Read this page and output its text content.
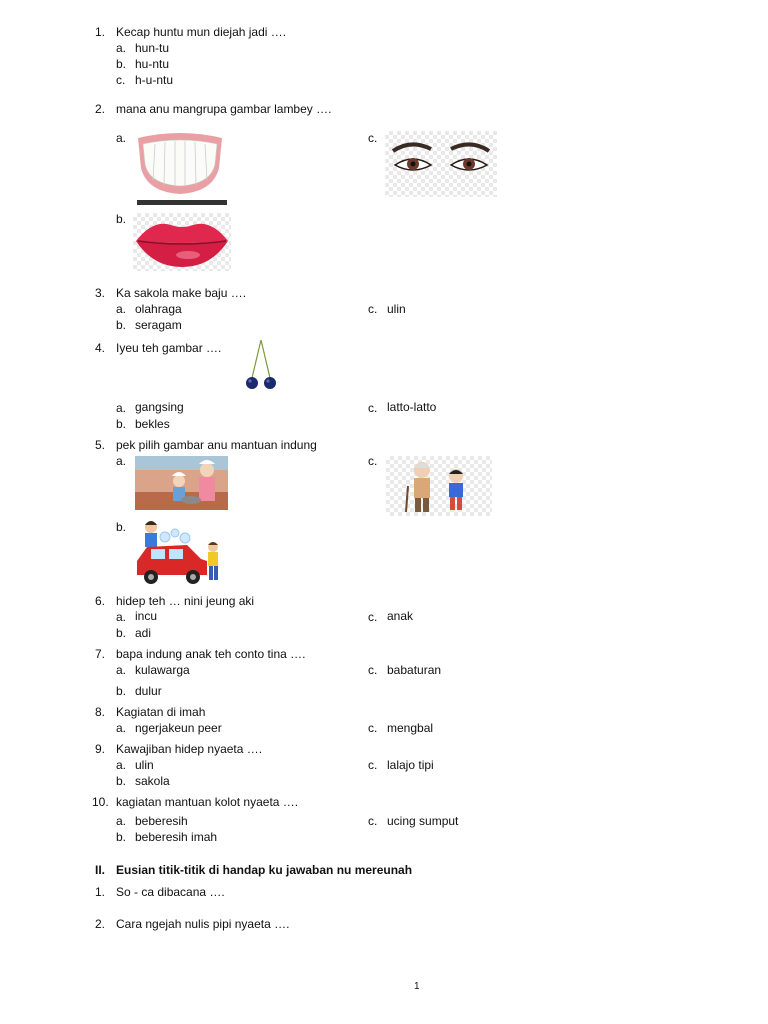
1. Kecap huntu mun diejah jadi ….
a. hun-tu
b. hu-ntu
c. h-u-ntu
2. mana anu mangrupa gambar lambey ….
a.	c.
b.
3. Ka sakola make baju ….
a. olahraga	c. ulin
b. seragam
4. Iyeu teh gambar ….
a. gangsing	c. latto-latto
b. bekles
5. pek pilih gambar anu mantuan indung
a.	c.
b.
6. hidep teh … nini jeung aki
a. incu	c. anak
b. adi
7. bapa indung anak teh conto tina ….
a. kulawarga	c. babaturan
b. dulur
8. Kagiatan di imah
a. ngerjakeun peer	c. mengbal
9. Kawajiban hidep nyaeta ….
a. ulin	c. lalajo tipi
b. sakola
10. kagiatan mantuan kolot nyaeta ….
a. beberesih	c. ucing sumput
b. beberesih imah
II. Eusian titik-titik di handap ku jawaban nu mereunah
1. So - ca dibacana ….
2. Cara ngejah nulis pipi nyaeta ….
1
